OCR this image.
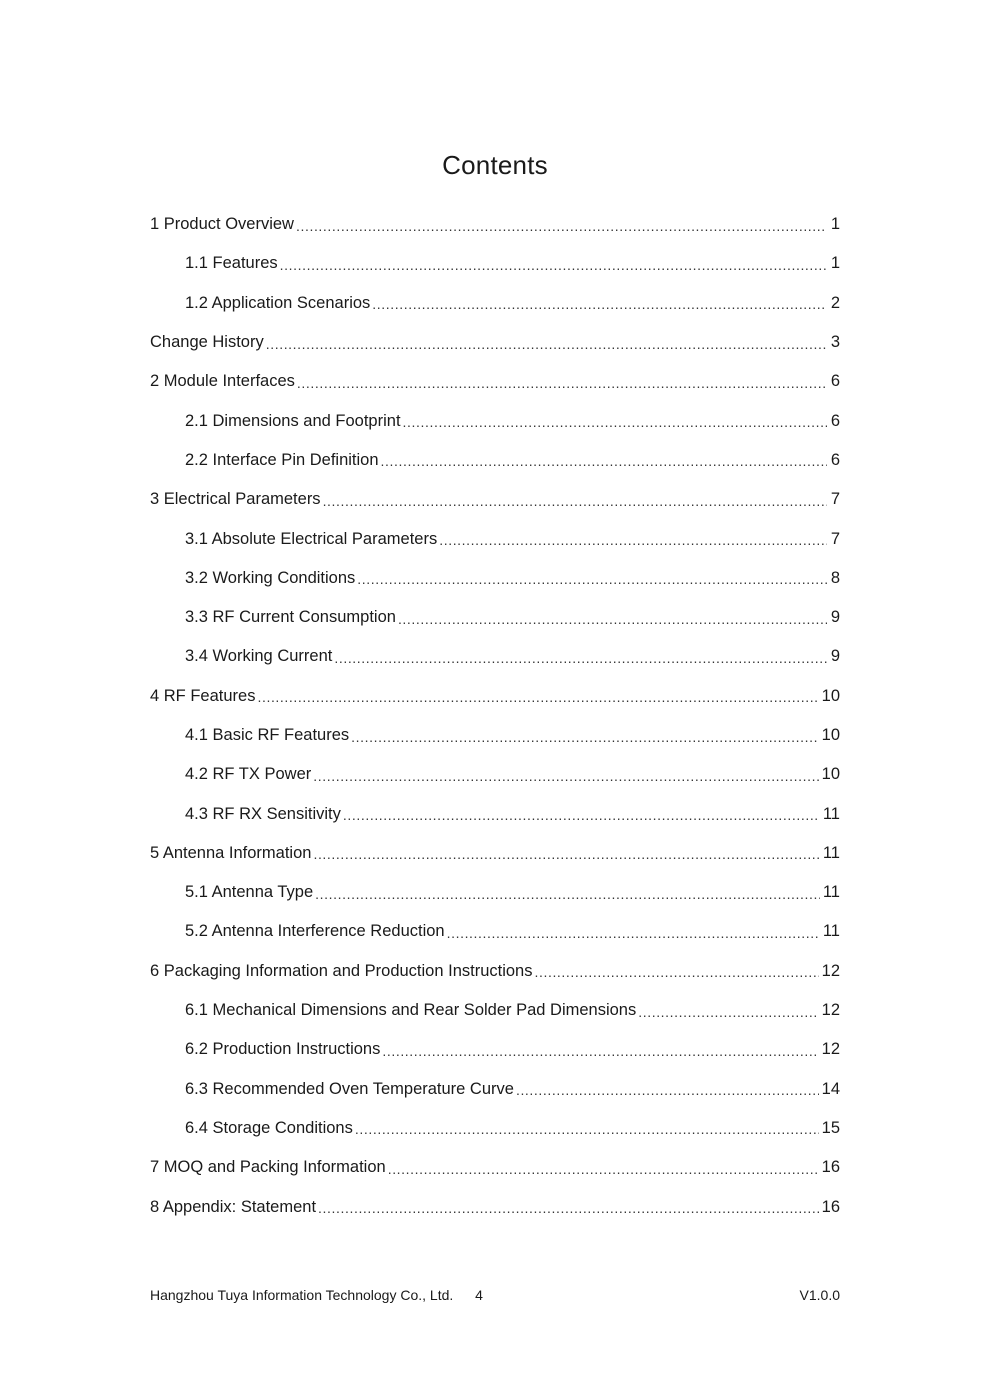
Contents
1 Product Overview .....	1
1.1 Features .....	1
1.2 Application Scenarios .....	2
Change History .....	3
2 Module Interfaces .....	6
2.1 Dimensions and Footprint .....	6
2.2 Interface Pin Definition .....	6
3 Electrical Parameters .....	7
3.1 Absolute Electrical Parameters .....	7
3.2 Working Conditions .....	8
3.3 RF Current Consumption .....	9
3.4 Working Current .....	9
4 RF Features .....	10
4.1 Basic RF Features .....	10
4.2 RF TX Power .....	10
4.3 RF RX Sensitivity .....	11
5 Antenna Information .....	11
5.1 Antenna Type .....	11
5.2 Antenna Interference Reduction .....	11
6 Packaging Information and Production Instructions .....	12
6.1 Mechanical Dimensions and Rear Solder Pad Dimensions .....	12
6.2 Production Instructions .....	12
6.3 Recommended Oven Temperature Curve .....	14
6.4 Storage Conditions .....	15
7 MOQ and Packing Information .....	16
8 Appendix: Statement .....	16
Hangzhou Tuya Information Technology Co., Ltd. 4	V1.0.0
